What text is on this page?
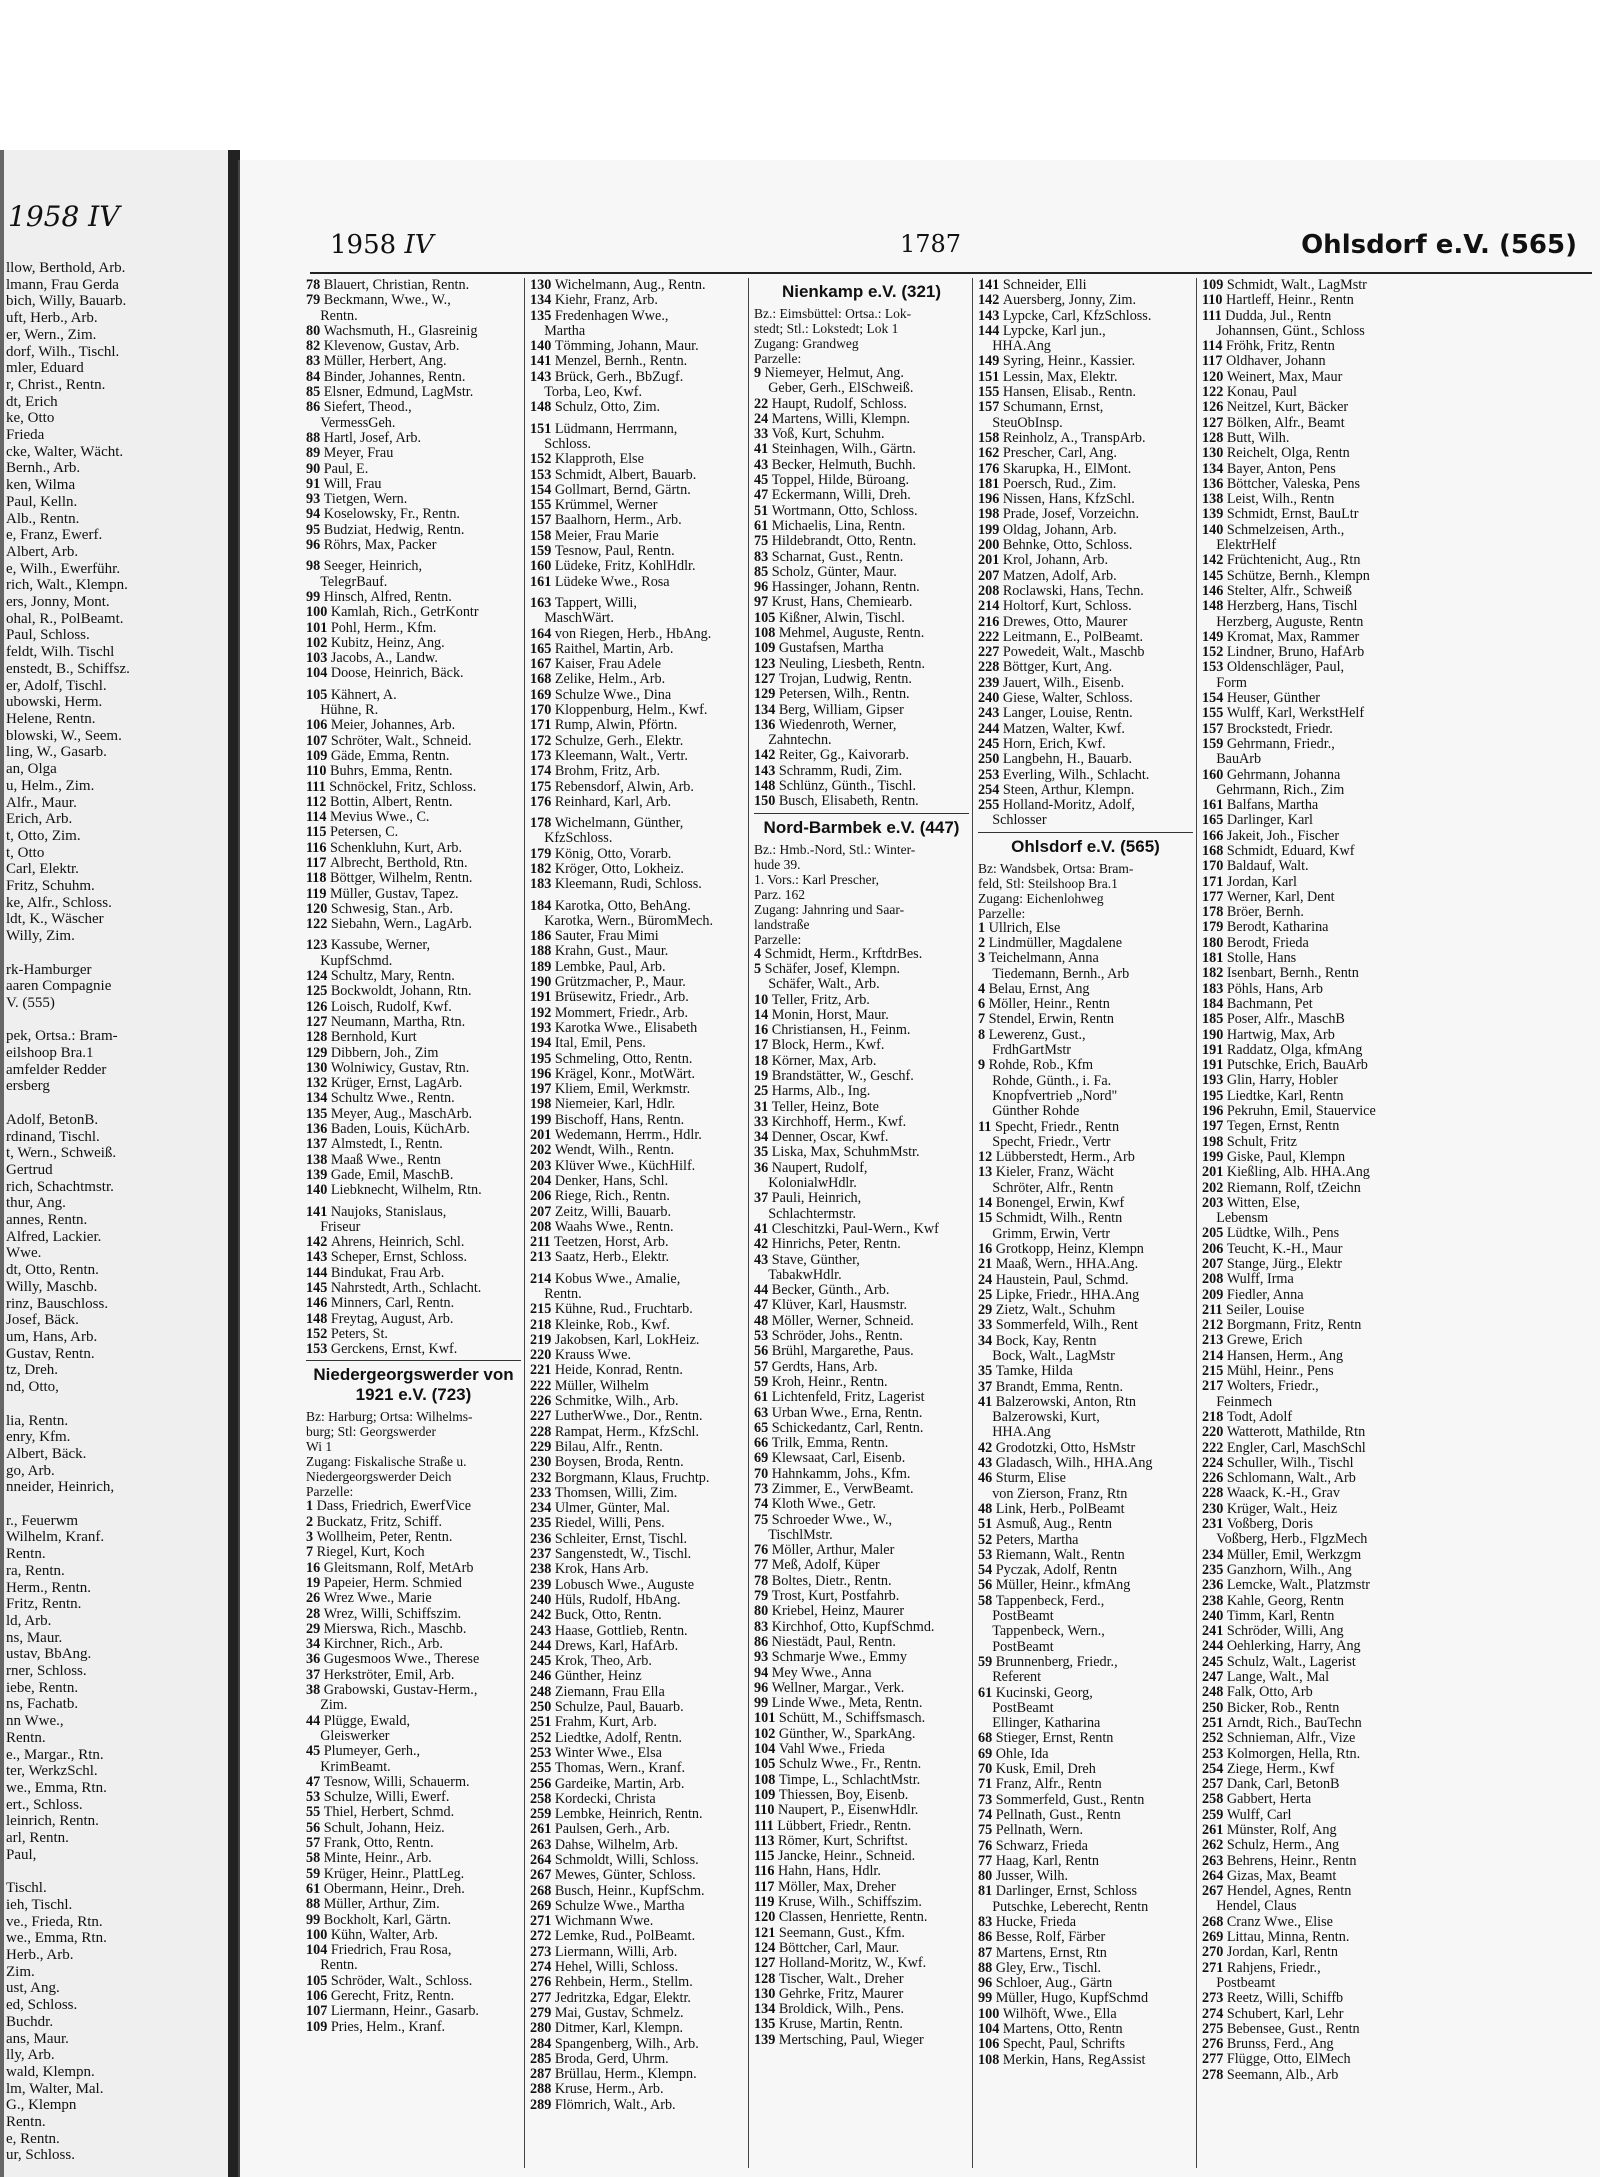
1958 IV
llow, Berthold, Arb.
lmann, Frau Gerda
bich, Willy, Bauarb.
uft, Herb., Arb.
er, Wern., Zim.
dorf, Wilh., Tischl.
mler, Eduard
r, Christ., Rentn.
dt, Erich
ke, Otto
Frieda
cke, Walter, Wächt.
Bernh., Arb.
ken, Wilma
Paul, Kelln.
Alb., Rentn.
e, Franz, Ewerf.
Albert, Arb.
e, Wilh., Ewerführ.
rich, Walt., Klempn.
ers, Jonny, Mont.
ohal, R., PolBeamt.
Paul, Schloss.
feldt, Wilh. Tischl
enstedt, B., Schiffsz.
er, Adolf, Tischl.
ubowski, Herm.
Helene, Rentn.
blowski, W., Seem.
ling, W., Gasarb.
an, Olga
u, Helm., Zim.
Alfr., Maur.
Erich, Arb.
t, Otto, Zim.
t, Otto
Carl, Elektr.
Fritz, Schuhm.
ke, Alfr., Schloss.
ldt, K., Wäscher
Willy, Zim.

rk-Hamburger
aaren Compagnie
V. (555)

pek, Ortsa.: Bram-
eilshoop Bra.1
amfelder Redder
ersberg

Adolf, BetonB.
rdinand, Tischl.
t, Wern., Schweiß.
Gertrud
rich, Schachtmstr.
thur, Ang.
annes, Rentn.
Alfred, Lackier.
Wwe.
dt, Otto, Rentn.
Willy, Maschb.
rinz, Bauschloss.
Josef, Bäck.
um, Hans, Arb.
Gustav, Rentn.
tz, Dreh.
nd, Otto,

lia, Rentn.
enry, Kfm.
Albert, Bäck.
go, Arb.
nneider, Heinrich,

r., Feuerwm
Wilhelm, Kranf.
Rentn.
ra, Rentn.
Herm., Rentn.
Fritz, Rentn.
ld, Arb.
ns, Maur.
ustav, BbAng.
rner, Schloss.
iebe, Rentn.
ns, Fachatb.
nn Wwe.,
Rentn.
e., Margar., Rtn.
ter, WerkzSchl.
we., Emma, Rtn.
ert., Schloss.
leinrich, Rentn.
arl, Rentn.
Paul,

Tischl.
ieh, Tischl.
ve., Frieda, Rtn.
we., Emma, Rtn.
Herb., Arb.
Zim.
ust, Ang.
ed, Schloss.
Buchdr.
ans, Maur.
lly, Arb.
wald, Klempn.
lm, Walter, Mal.
G., Klempn
Rentn.
e, Rentn.
ur, Schloss.
1958 IV	1787	Ohlsdorf e.V. (565)
78 Blauert, Christian, Rentn.
79 Beckmann, Wwe., W.,
Rentn.
80 Wachsmuth, H., Glasreinig
82 Klevenow, Gustav, Arb.
83 Müller, Herbert, Ang.
84 Binder, Johannes, Rentn.
85 Elsner, Edmund, LagMstr.
86 Siefert, Theod.,
VermessGeh.
88 Hartl, Josef, Arb.
89 Meyer, Frau
90 Paul, E.
91 Will, Frau
93 Tietgen, Wern.
94 Koselowsky, Fr., Rentn.
95 Budziat, Hedwig, Rentn.
96 Röhrs, Max, Packer
98 Seeger, Heinrich,
TelegrBauf.
99 Hinsch, Alfred, Rentn.
100 Kamlah, Rich., GetrKontr
101 Pohl, Herm., Kfm.
102 Kubitz, Heinz, Ang.
103 Jacobs, A., Landw.
104 Doose, Heinrich, Bäck.
105 Kähnert, A.
Hühne, R.
106 Meier, Johannes, Arb.
107 Schröter, Walt., Schneid.
109 Gäde, Emma, Rentn.
110 Buhrs, Emma, Rentn.
111 Schnöckel, Fritz, Schloss.
112 Bottin, Albert, Rentn.
114 Mevius Wwe., C.
115 Petersen, C.
116 Schenkluhn, Kurt, Arb.
117 Albrecht, Berthold, Rtn.
118 Böttger, Wilhelm, Rentn.
119 Müller, Gustav, Tapez.
120 Schwesig, Stan., Arb.
122 Siebahn, Wern., LagArb.
123 Kassube, Werner,
KupfSchmd.
124 Schultz, Mary, Rentn.
125 Bockwoldt, Johann, Rtn.
126 Loisch, Rudolf, Kwf.
127 Neumann, Martha, Rtn.
128 Bernhold, Kurt
129 Dibbern, Joh., Zim
130 Wolniwicy, Gustav, Rtn.
132 Krüger, Ernst, LagArb.
134 Schultz Wwe., Rentn.
135 Meyer, Aug., MaschArb.
136 Baden, Louis, KüchArb.
137 Almstedt, I., Rentn.
138 Maaß Wwe., Rentn
139 Gade, Emil, MaschB.
140 Liebknecht, Wilhelm, Rtn.
141 Naujoks, Stanislaus,
Friseur
142 Ahrens, Heinrich, Schl.
143 Scheper, Ernst, Schloss.
144 Bindukat, Frau Arb.
145 Nahrstedt, Arth., Schlacht.
146 Minners, Carl, Rentn.
148 Freytag, August, Arb.
152 Peters, St.
153 Gerckens, Ernst, Kwf.
Niedergeorgswerder von 1921 e.V. (723)
Bz: Harburg; Ortsa: Wilhelms-
burg; Stl: Georgswerder
Wi 1
Zugang: Fiskalische Straße u.
Niedergeorgswerder Deich
Parzelle:
1 Dass, Friedrich, EwerfVice
2 Buckatz, Fritz, Schiff.
3 Wollheim, Peter, Rentn.
7 Riegel, Kurt, Koch
16 Gleitsmann, Rolf, MetArb
19 Papeier, Herm. Schmied
26 Wrez Wwe., Marie
28 Wrez, Willi, Schiffszim.
29 Mierswa, Rich., Maschb.
34 Kirchner, Rich., Arb.
36 Gugesmoos Wwe., Therese
37 Herkströter, Emil, Arb.
38 Grabowski, Gustav-Herm.,
Zim.
44 Plügge, Ewald,
Gleiswerker
45 Plumeyer, Gerh.,
KrimBeamt.
47 Tesnow, Willi, Schauerm.
53 Schulze, Willi, Ewerf.
55 Thiel, Herbert, Schmd.
56 Schult, Johann, Heiz.
57 Frank, Otto, Rentn.
58 Minte, Heinr., Arb.
59 Krüger, Heinr., PlattLeg.
61 Obermann, Heinr., Dreh.
88 Müller, Arthur, Zim.
99 Bockholt, Karl, Gärtn.
100 Kühn, Walter, Arb.
104 Friedrich, Frau Rosa,
Rentn.
105 Schröder, Walt., Schloss.
106 Gerecht, Fritz, Rentn.
107 Liermann, Heinr., Gasarb.
109 Pries, Helm., Kranf.
130 Wichelmann, Aug., Rentn.
134 Kiehr, Franz, Arb.
135 Fredenhagen Wwe.,
Martha
140 Tömming, Johann, Maur.
141 Menzel, Bernh., Rentn.
143 Brück, Gerh., BbZugf.
Torba, Leo, Kwf.
148 Schulz, Otto, Zim.
151 Lüdmann, Herrmann,
Schloss.
152 Klapproth, Else
153 Schmidt, Albert, Bauarb.
154 Gollmart, Bernd, Gärtn.
155 Krümmel, Werner
157 Baalhorn, Herm., Arb.
158 Meier, Frau Marie
159 Tesnow, Paul, Rentn.
160 Lüdeke, Fritz, KohlHdlr.
161 Lüdeke Wwe., Rosa
163 Tappert, Willi,
MaschWärt.
164 von Riegen, Herb., HbAng.
165 Raithel, Martin, Arb.
167 Kaiser, Frau Adele
168 Zelike, Helm., Arb.
169 Schulze Wwe., Dina
170 Kloppenburg, Helm., Kwf.
171 Rump, Alwin, Pförtn.
172 Schulze, Gerh., Elektr.
173 Kleemann, Walt., Vertr.
174 Brohm, Fritz, Arb.
175 Rebensdorf, Alwin, Arb.
176 Reinhard, Karl, Arb.
178 Wichelmann, Günther,
KfzSchloss.
179 König, Otto, Vorarb.
182 Kröger, Otto, Lokheiz.
183 Kleemann, Rudi, Schloss.
184 Karotka, Otto, BehAng.
Karotka, Wern., BüromMech.
186 Sauter, Frau Mimi
188 Krahn, Gust., Maur.
189 Lembke, Paul, Arb.
190 Grützmacher, P., Maur.
191 Brüsewitz, Friedr., Arb.
192 Mommert, Friedr., Arb.
193 Karotka Wwe., Elisabeth
194 Ital, Emil, Pens.
195 Schmeling, Otto, Rentn.
196 Krägel, Konr., MotWärt.
197 Kliem, Emil, Werkmstr.
198 Niemeier, Karl, Hdlr.
199 Bischoff, Hans, Rentn.
201 Wedemann, Herrm., Hdlr.
202 Wendt, Wilh., Rentn.
203 Klüver Wwe., KüchHilf.
204 Denker, Hans, Schl.
206 Riege, Rich., Rentn.
207 Zeitz, Willi, Bauarb.
208 Waahs Wwe., Rentn.
211 Teetzen, Horst, Arb.
213 Saatz, Herb., Elektr.
214 Kobus Wwe., Amalie,
Rentn.
215 Kühne, Rud., Fruchtarb.
218 Kleinke, Rob., Kwf.
219 Jakobsen, Karl, LokHeiz.
220 Krauss Wwe.
221 Heide, Konrad, Rentn.
222 Müller, Wilhelm
226 Schmitke, Wilh., Arb.
227 LutherWwe., Dor., Rentn.
228 Rampat, Herm., KfzSchl.
229 Bilau, Alfr., Rentn.
230 Boysen, Broda, Rentn.
232 Borgmann, Klaus, Fruchtp.
233 Thomsen, Willi, Zim.
234 Ulmer, Günter, Mal.
235 Riedel, Willi, Pens.
236 Schleiter, Ernst, Tischl.
237 Sangenstedt, W., Tischl.
238 Krok, Hans Arb.
239 Lobusch Wwe., Auguste
240 Hüls, Rudolf, HbAng.
242 Buck, Otto, Rentn.
243 Haase, Gottlieb, Rentn.
244 Drews, Karl, HafArb.
245 Krok, Theo, Arb.
246 Günther, Heinz
248 Ziemann, Frau Ella
250 Schulze, Paul, Bauarb.
251 Frahm, Kurt, Arb.
252 Liedtke, Adolf, Rentn.
253 Winter Wwe., Elsa
255 Thomas, Wern., Kranf.
256 Gardeike, Martin, Arb.
258 Kordecki, Christa
259 Lembke, Heinrich, Rentn.
261 Paulsen, Gerh., Arb.
263 Dahse, Wilhelm, Arb.
264 Schmoldt, Willi, Schloss.
267 Mewes, Günter, Schloss.
268 Busch, Heinr., KupfSchm.
269 Schulze Wwe., Martha
271 Wichmann Wwe.
272 Lemke, Rud., PolBeamt.
273 Liermann, Willi, Arb.
274 Hehel, Willi, Schloss.
276 Rehbein, Herm., Stellm.
277 Jedritzka, Edgar, Elektr.
279 Mai, Gustav, Schmelz.
280 Ditmer, Karl, Klempn.
284 Spangenberg, Wilh., Arb.
285 Broda, Gerd, Uhrm.
287 Brüllau, Herm., Klempn.
288 Kruse, Herm., Arb.
289 Flömrich, Walt., Arb.
Nienkamp e.V. (321)
Bz.: Eimsbüttel: Ortsa.: Lok-
stedt; Stl.: Lokstedt; Lok 1
Zugang: Grandweg
Parzelle:
9 Niemeyer, Helmut, Ang.
Geber, Gerh., ElSchweiß.
22 Haupt, Rudolf, Schloss.
24 Martens, Willi, Klempn.
33 Voß, Kurt, Schuhm.
41 Steinhagen, Wilh., Gärtn.
43 Becker, Helmuth, Buchh.
45 Toppel, Hilde, Büroang.
47 Eckermann, Willi, Dreh.
51 Wortmann, Otto, Schloss.
61 Michaelis, Lina, Rentn.
75 Hildebrandt, Otto, Rentn.
83 Scharnat, Gust., Rentn.
85 Scholz, Günter, Maur.
96 Hassinger, Johann, Rentn.
97 Krust, Hans, Chemiearb.
105 Kißner, Alwin, Tischl.
108 Mehmel, Auguste, Rentn.
109 Gustafsen, Martha
123 Neuling, Liesbeth, Rentn.
127 Trojan, Ludwig, Rentn.
129 Petersen, Wilh., Rentn.
134 Berg, William, Gipser
136 Wiedenroth, Werner,
Zahntechn.
142 Reiter, Gg., Kaivorarb.
143 Schramm, Rudi, Zim.
148 Schlünz, Günth., Tischl.
150 Busch, Elisabeth, Rentn.
Nord-Barmbek e.V. (447)
Bz.: Hmb.-Nord, Stl.: Winter-
hude 39.
1. Vors.: Karl Prescher,
Parz. 162
Zugang: Jahnring und Saar-
landstraße
Parzelle:
4 Schmidt, Herm., KrftdrBes.
5 Schäfer, Josef, Klempn.
Schäfer, Walt., Arb.
10 Teller, Fritz, Arb.
14 Monin, Horst, Maur.
16 Christiansen, H., Feinm.
17 Block, Herm., Kwf.
18 Körner, Max, Arb.
19 Brandstätter, W., Geschf.
25 Harms, Alb., Ing.
31 Teller, Heinz, Bote
33 Kirchhoff, Herm., Kwf.
34 Denner, Oscar, Kwf.
35 Liska, Max, SchuhmMstr.
36 Naupert, Rudolf,
KolonialwHdlr.
37 Pauli, Heinrich,
Schlachtermstr.
41 Cleschitzki, Paul-Wern., Kwf
42 Hinrichs, Peter, Rentn.
43 Stave, Günther,
TabakwHdlr.
44 Becker, Günth., Arb.
47 Klüver, Karl, Hausmstr.
48 Möller, Werner, Schneid.
53 Schröder, Johs., Rentn.
56 Brühl, Margarethe, Paus.
57 Gerdts, Hans, Arb.
59 Kroh, Heinr., Rentn.
61 Lichtenfeld, Fritz, Lagerist
63 Urban Wwe., Erna, Rentn.
65 Schickedantz, Carl, Rentn.
66 Trilk, Emma, Rentn.
69 Klewsaat, Carl, Eisenb.
70 Hahnkamm, Johs., Kfm.
73 Zimmer, E., VerwBeamt.
74 Kloth Wwe., Getr.
75 Schroeder Wwe., W.,
TischlMstr.
76 Möller, Arthur, Maler
77 Meß, Adolf, Küper
78 Boltes, Dietr., Rentn.
79 Trost, Kurt, Postfahrb.
80 Kriebel, Heinz, Maurer
83 Kirchhof, Otto, KupfSchmd.
86 Niestädt, Paul, Rentn.
93 Schmarje Wwe., Emmy
94 Mey Wwe., Anna
96 Wellner, Margar., Verk.
99 Linde Wwe., Meta, Rentn.
101 Schütt, M., Schiffsmasch.
102 Günther, W., SparkAng.
104 Vahl Wwe., Frieda
105 Schulz Wwe., Fr., Rentn.
108 Timpe, L., SchlachtMstr.
109 Thiessen, Boy, Eisenb.
110 Naupert, P., EisenwHdlr.
111 Lübbert, Friedr., Rentn.
113 Römer, Kurt, Schriftst.
115 Jancke, Heinr., Schneid.
116 Hahn, Hans, Hdlr.
117 Möller, Max, Dreher
119 Kruse, Wilh., Schiffszim.
120 Classen, Henriette, Rentn.
121 Seemann, Gust., Kfm.
124 Böttcher, Carl, Maur.
127 Holland-Moritz, W., Kwf.
128 Tischer, Walt., Dreher
130 Gehrke, Fritz, Maurer
134 Broldick, Wilh., Pens.
135 Kruse, Martin, Rentn.
139 Mertsching, Paul, Wieger
141 Schneider, Elli
142 Auersberg, Jonny, Zim.
143 Lypcke, Carl, KfzSchloss.
144 Lypcke, Karl jun.,
HHA.Ang
149 Syring, Heinr., Kassier.
151 Lessin, Max, Elektr.
155 Hansen, Elisab., Rentn.
157 Schumann, Ernst,
SteuObInsp.
158 Reinholz, A., TranspArb.
162 Prescher, Carl, Ang.
176 Skarupka, H., ElMont.
181 Poersch, Rud., Zim.
196 Nissen, Hans, KfzSchl.
198 Prade, Josef, Vorzeichn.
199 Oldag, Johann, Arb.
200 Behnke, Otto, Schloss.
201 Krol, Johann, Arb.
207 Matzen, Adolf, Arb.
208 Roclawski, Hans, Techn.
214 Holtorf, Kurt, Schloss.
216 Drewes, Otto, Maurer
222 Leitmann, E., PolBeamt.
227 Powedeit, Walt., Maschb
228 Böttger, Kurt, Ang.
239 Jauert, Wilh., Eisenb.
240 Giese, Walter, Schloss.
243 Langer, Louise, Rentn.
244 Matzen, Walter, Kwf.
245 Horn, Erich, Kwf.
250 Langbehn, H., Bauarb.
253 Everling, Wilh., Schlacht.
254 Steen, Arthur, Klempn.
255 Holland-Moritz, Adolf,
Schlosser
Ohlsdorf e.V. (565)
Bz: Wandsbek, Ortsa: Bram-
feld, Stl: Steilshoop Bra.1
Zugang: Eichenlohweg
Parzelle:
1 Ullrich, Else
2 Lindmüller, Magdalene
3 Teichelmann, Anna
Tiedemann, Bernh., Arb
4 Belau, Ernst, Ang
6 Möller, Heinr., Rentn
7 Stendel, Erwin, Rentn
8 Lewerenz, Gust.,
FrdhGartMstr
9 Rohde, Rob., Kfm
Rohde, Günth., i. Fa.
Knopfvertrieb „Nord"
Günther Rohde
11 Specht, Friedr., Rentn
Specht, Friedr., Vertr
12 Lübberstedt, Herm., Arb
13 Kieler, Franz, Wächt
Schröter, Alfr., Rentn
14 Bonengel, Erwin, Kwf
15 Schmidt, Wilh., Rentn
Grimm, Erwin, Vertr
16 Grotkopp, Heinz, Klempn
21 Maaß, Wern., HHA.Ang.
24 Haustein, Paul, Schmd.
25 Lipke, Friedr., HHA.Ang
29 Zietz, Walt., Schuhm
33 Sommerfeld, Wilh., Rent
34 Bock, Kay, Rentn
Bock, Walt., LagMstr
35 Tamke, Hilda
37 Brandt, Emma, Rentn.
41 Balzerowski, Anton, Rtn
Balzerowski, Kurt,
HHA.Ang
42 Grodotzki, Otto, HsMstr
43 Gladasch, Wilh., HHA.Ang
46 Sturm, Elise
von Zierson, Franz, Rtn
48 Link, Herb., PolBeamt
51 Asmuß, Aug., Rentn
52 Peters, Martha
53 Riemann, Walt., Rentn
54 Pyczak, Adolf, Rentn
56 Müller, Heinr., kfmAng
58 Tappenbeck, Ferd.,
PostBeamt
Tappenbeck, Wern.,
PostBeamt
59 Brunnenberg, Friedr.,
Referent
61 Kucinski, Georg,
PostBeamt
Ellinger, Katharina
68 Stieger, Ernst, Rentn
69 Ohle, Ida
70 Kusk, Emil, Dreh
71 Franz, Alfr., Rentn
73 Sommerfeld, Gust., Rentn
74 Pellnath, Gust., Rentn
75 Pellnath, Wern.
76 Schwarz, Frieda
77 Haag, Karl, Rentn
80 Jusser, Wilh.
81 Darlinger, Ernst, Schloss
Putschke, Leberecht, Rentn
83 Hucke, Frieda
86 Besse, Rolf, Färber
87 Martens, Ernst, Rtn
88 Gley, Erw., Tischl.
96 Schloer, Aug., Gärtn
99 Müller, Hugo, KupfSchmd
100 Wilhöft, Wwe., Ella
104 Martens, Otto, Rentn
106 Specht, Paul, Schrifts
108 Merkin, Hans, RegAssist
109 Schmidt, Walt., LagMstr
110 Hartleff, Heinr., Rentn
111 Dudda, Jul., Rentn
Johannsen, Günt., Schloss
114 Fröhk, Fritz, Rentn
117 Oldhaver, Johann
120 Weinert, Max, Maur
122 Konau, Paul
126 Neitzel, Kurt, Bäcker
127 Bölken, Alfr., Beamt
128 Butt, Wilh.
130 Reichelt, Olga, Rentn
134 Bayer, Anton, Pens
136 Böttcher, Valeska, Pens
138 Leist, Wilh., Rentn
139 Schmidt, Ernst, BauLtr
140 Schmelzeisen, Arth.,
ElektrHelf
142 Früchtenicht, Aug., Rtn
145 Schütze, Bernh., Klempn
146 Stelter, Alfr., Schweiß
148 Herzberg, Hans, Tischl
Herzberg, Auguste, Rentn
149 Kromat, Max, Rammer
152 Lindner, Bruno, HafArb
153 Oldenschläger, Paul,
Form
154 Heuser, Günther
155 Wulff, Karl, WerkstHelf
157 Brockstedt, Friedr.
159 Gehrmann, Friedr.,
BauArb
160 Gehrmann, Johanna
Gehrmann, Rich., Zim
161 Balfans, Martha
165 Darlinger, Karl
166 Jakeit, Joh., Fischer
168 Schmidt, Eduard, Kwf
170 Baldauf, Walt.
171 Jordan, Karl
177 Werner, Karl, Dent
178 Bröer, Bernh.
179 Berodt, Katharina
180 Berodt, Frieda
181 Stolle, Hans
182 Isenbart, Bernh., Rentn
183 Pöhls, Hans, Arb
184 Bachmann, Pet
185 Poser, Alfr., MaschB
190 Hartwig, Max, Arb
191 Raddatz, Olga, kfmAng
191 Putschke, Erich, BauArb
193 Glin, Harry, Hobler
195 Liedtke, Karl, Rentn
196 Pekruhn, Emil, Stauervice
197 Tegen, Ernst, Rentn
198 Schult, Fritz
199 Giske, Paul, Klempn
201 Kießling, Alb. HHA.Ang
202 Riemann, Rolf, tZeichn
203 Witten, Else,
Lebensm
205 Lüdtke, Wilh., Pens
206 Teucht, K.-H., Maur
207 Stange, Jürg., Elektr
208 Wulff, Irma
209 Fiedler, Anna
211 Seiler, Louise
212 Borgmann, Fritz, Rentn
213 Grewe, Erich
214 Hansen, Herm., Ang
215 Mühl, Heinr., Pens
217 Wolters, Friedr.,
Feinmech
218 Todt, Adolf
220 Watterott, Mathilde, Rtn
222 Engler, Carl, MaschSchl
224 Schuller, Wilh., Tischl
226 Schlomann, Walt., Arb
228 Waack, K.-H., Grav
230 Krüger, Walt., Heiz
231 Voßberg, Doris
Voßberg, Herb., FlgzMech
234 Müller, Emil, Werkzgm
235 Ganzhorn, Wilh., Ang
236 Lemcke, Walt., Platzmstr
238 Kahle, Georg, Rentn
240 Timm, Karl, Rentn
241 Schröder, Willi, Ang
244 Oehlerking, Harry, Ang
245 Schulz, Walt., Lagerist
247 Lange, Walt., Mal
248 Falk, Otto, Arb
250 Bicker, Rob., Rentn
251 Arndt, Rich., BauTechn
252 Schnieman, Alfr., Vize
253 Kolmorgen, Hella, Rtn.
254 Ziege, Herm., Kwf
257 Dank, Carl, BetonB
258 Gabbert, Herta
259 Wulff, Carl
261 Münster, Rolf, Ang
262 Schulz, Herm., Ang
263 Behrens, Heinr., Rentn
264 Gizas, Max, Beamt
267 Hendel, Agnes, Rentn
Hendel, Claus
268 Cranz Wwe., Elise
269 Littau, Minna, Rentn.
270 Jordan, Karl, Rentn
271 Rahjens, Friedr.,
Postbeamt
273 Reetz, Willi, Schiffb
274 Schubert, Karl, Lehr
275 Bebensee, Gust., Rentn
276 Brunss, Ferd., Ang
277 Flügge, Otto, ElMech
278 Seemann, Alb., Arb
